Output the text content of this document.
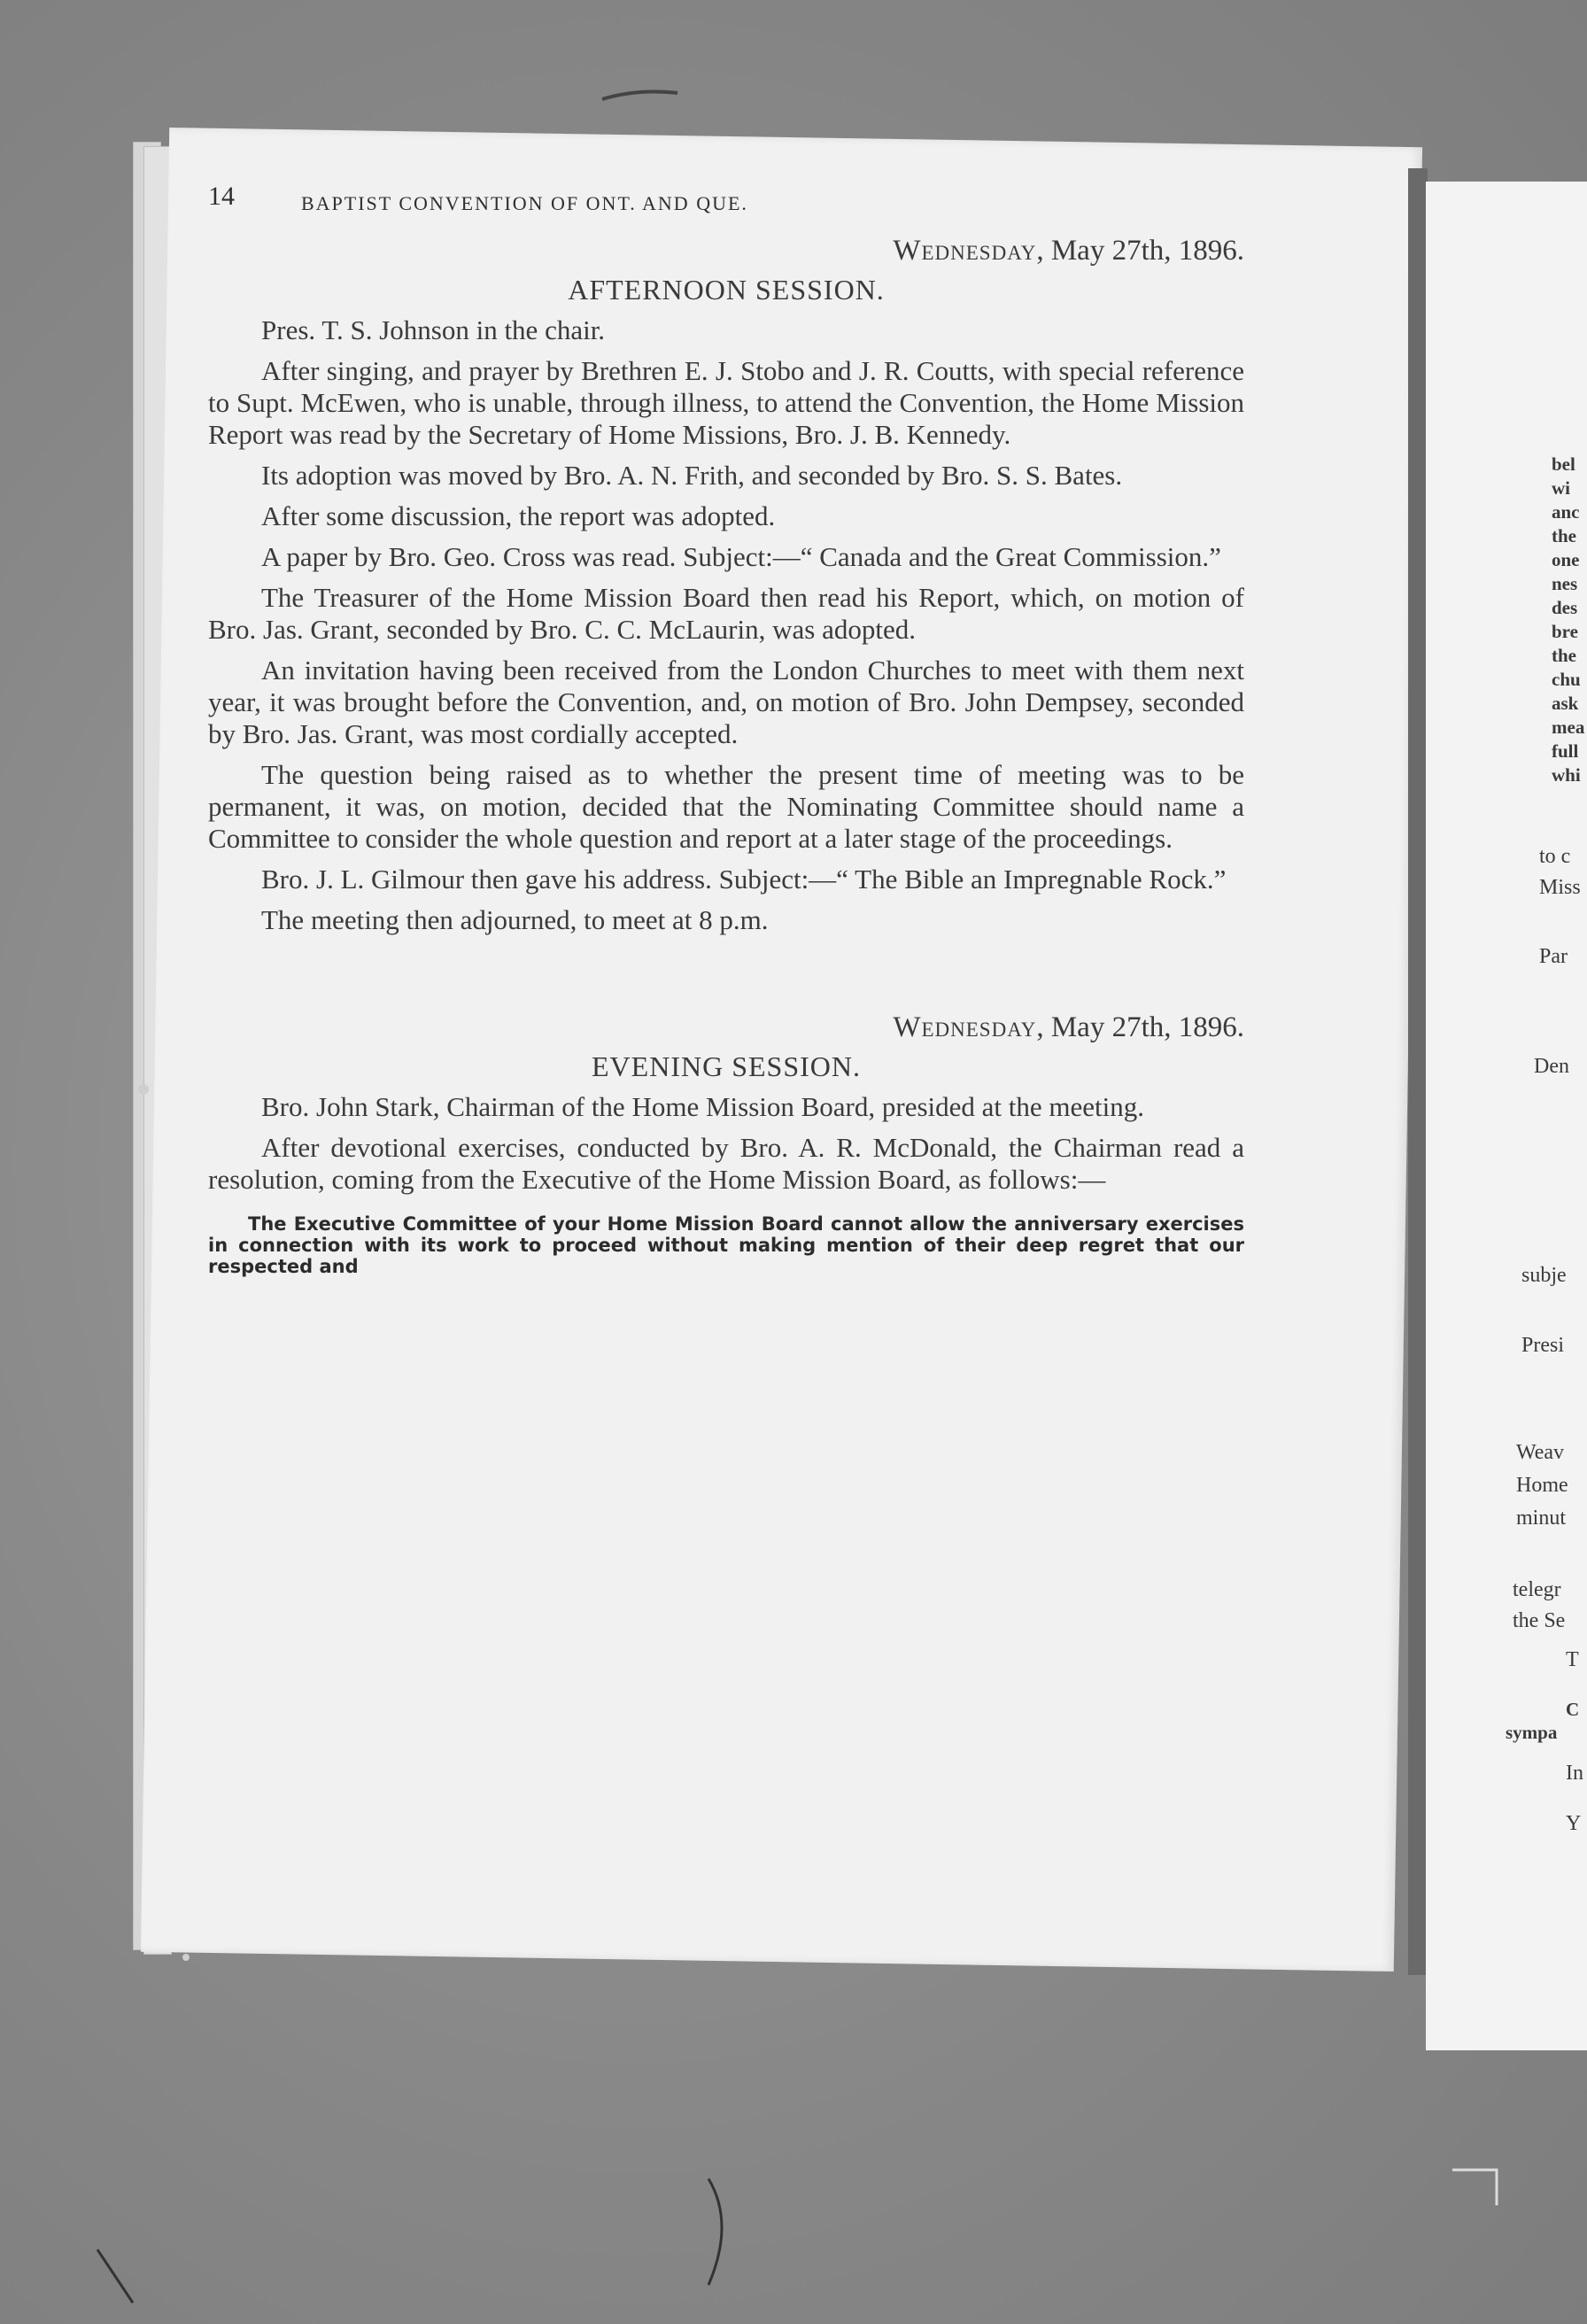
14	BAPTIST CONVENTION OF ONT. AND QUE.
Wednesday, May 27th, 1896.
AFTERNOON SESSION.

Pres. T. S. Johnson in the chair.

After singing, and prayer by Brethren E. J. Stobo and J. R. Coutts, with special reference to Supt. McEwen, who is unable, through illness, to attend the Convention, the Home Mission Report was read by the Secretary of Home Missions, Bro. J. B. Kennedy.

Its adoption was moved by Bro. A. N. Frith, and seconded by Bro. S. S. Bates.

After some discussion, the report was adopted.

A paper by Bro. Geo. Cross was read. Subject:—“ Canada and the Great Commission.”

The Treasurer of the Home Mission Board then read his Report, which, on motion of Bro. Jas. Grant, seconded by Bro. C. C. McLaurin, was adopted.

An invitation having been received from the London Churches to meet with them next year, it was brought before the Convention, and, on motion of Bro. John Dempsey, seconded by Bro. Jas. Grant, was most cordially accepted.

The question being raised as to whether the present time of meeting was to be permanent, it was, on motion, decided that the Nominating Committee should name a Committee to consider the whole question and report at a later stage of the proceedings.

Bro. J. L. Gilmour then gave his address. Subject:—“ The Bible an Impregnable Rock.”

The meeting then adjourned, to meet at 8 p.m.

Wednesday, May 27th, 1896.
EVENING SESSION.

Bro. John Stark, Chairman of the Home Mission Board, presided at the meeting.

After devotional exercises, conducted by Bro. A. R. McDonald, the Chairman read a resolution, coming from the Executive of the Home Mission Board, as follows:—

The Executive Committee of your Home Mission Board cannot allow the anniversary exercises in connection with its work to proceed without making mention of their deep regret that our respected and

bel
wi
anc
the
one
nes
des
bre
the
chu
ask
mea
full
whi
to c
Miss
Par
Den
subje
Presi
Weav
Home
minut
telegr
the Se
T
C
sympa
In
Y
